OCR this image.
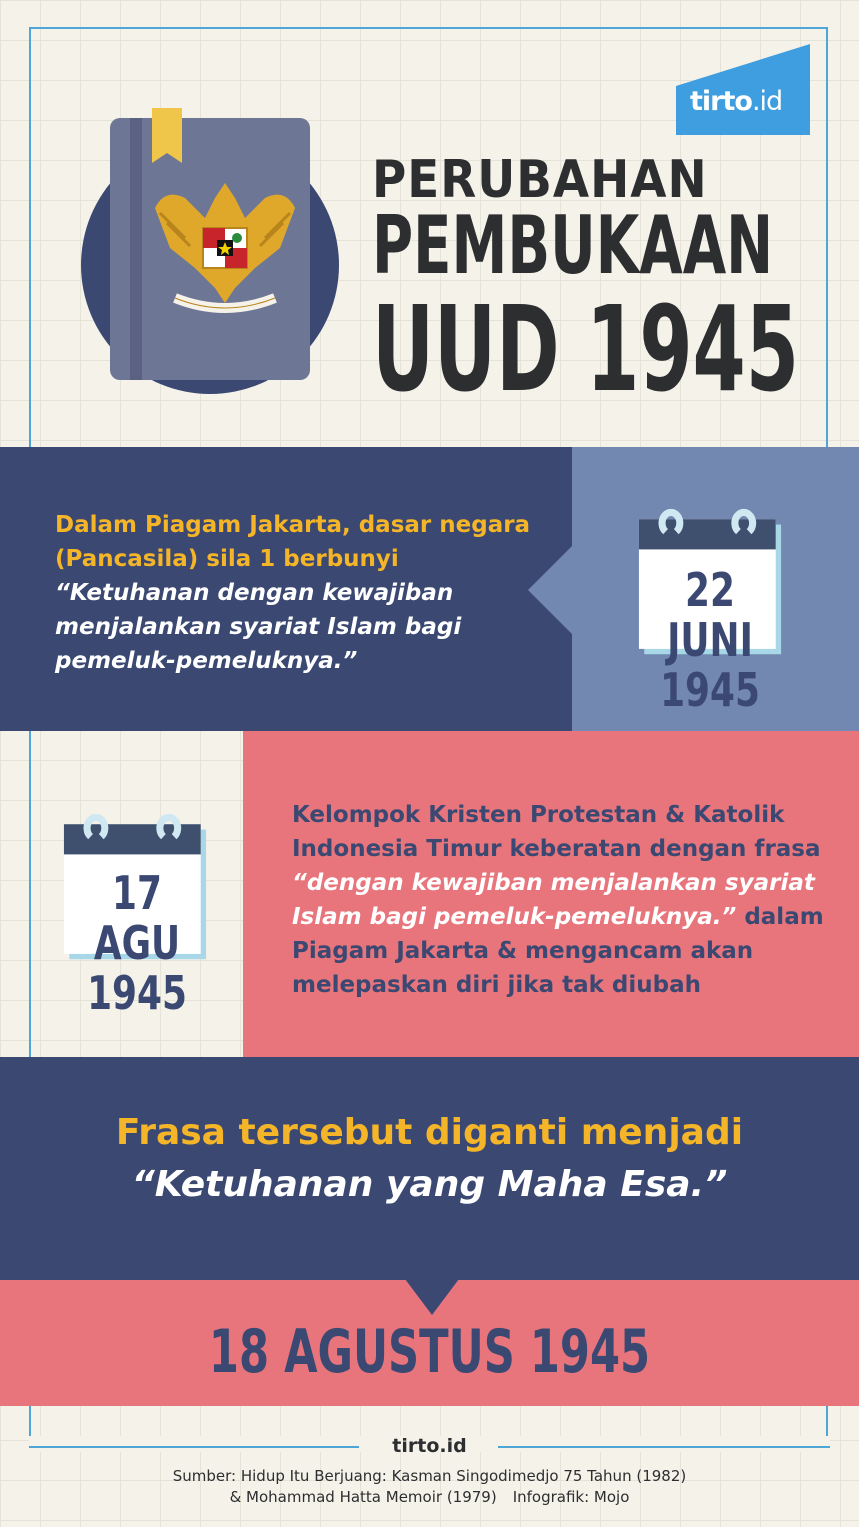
tirto.id
PERUBAHAN
PEMBUKAAN
UUD 1945
Dalam Piagam Jakarta, dasar negara (Pancasila) sila 1 berbunyi
“Ketuhanan dengan kewajiban menjalankan syariat Islam bagi pemeluk-pemeluknya.”
22 JUNI
1945
17 AGU
1945
Kelompok Kristen Protestan & Katolik Indonesia Timur keberatan dengan frasa “dengan kewajiban menjalankan syariat Islam bagi pemeluk-pemeluknya.” dalam Piagam Jakarta & mengancam akan melepaskan diri jika tak diubah
Frasa tersebut diganti menjadi
“Ketuhanan yang Maha Esa.”
18 AGUSTUS 1945
tirto.id
Sumber: Hidup Itu Berjuang: Kasman Singodimedjo 75 Tahun (1982)
& Mohammad Hatta Memoir (1979) Infografik: Mojo
